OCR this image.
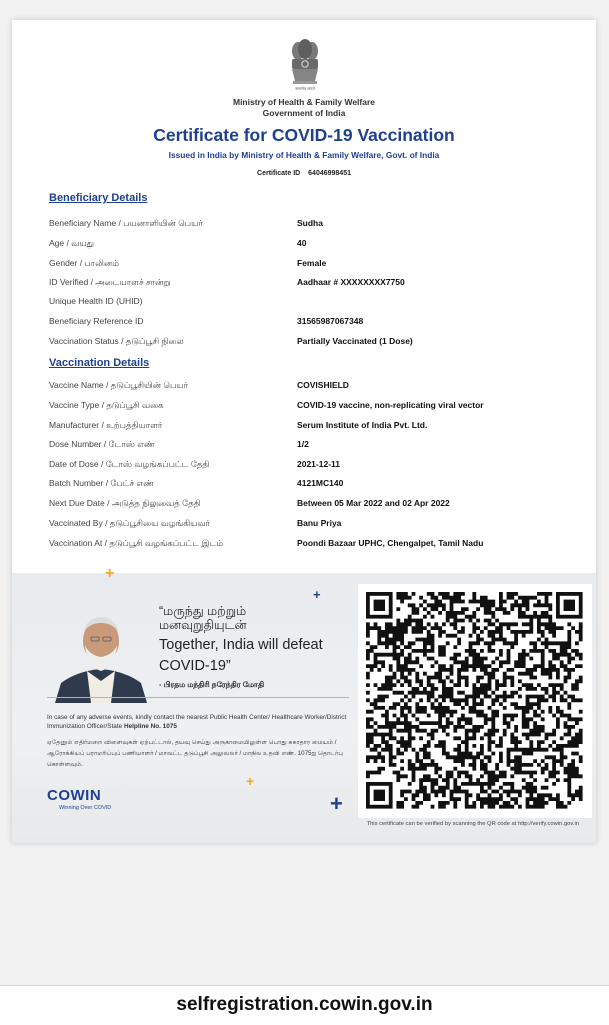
सत्यमेव जयते
Ministry of Health & Family Welfare
Government of India
Certificate for COVID-19 Vaccination
Issued in India by Ministry of Health & Family Welfare, Govt. of India
Certificate ID 64046998451
Beneficiary Details
Beneficiary Name / பயனாளியின் பெயர்	Sudha
Age / வயது	40
Gender / பாலினம்	Female
ID Verified / அடையாளச் சான்று	Aadhaar # XXXXXXXX7750
Unique Health ID (UHID)
Beneficiary Reference ID	31565987067348
Vaccination Status / தடுப்பூசி நிலை	Partially Vaccinated (1 Dose)
Vaccination Details
Vaccine Name / தடுப்பூசியின் பெயர்	COVISHIELD
Vaccine Type / தடுப்பூசி வகை	COVID-19 vaccine, non-replicating viral vector
Manufacturer / உற்பத்தியாளர்	Serum Institute of India Pvt. Ltd.
Dose Number / டோஸ் எண்	1/2
Date of Dose / டோஸ் வழங்கப்பட்ட தேதி	2021-12-11
Batch Number / பேட்ச் எண்	4121MC140
Next Due Date / அடுத்த நிலுவைத் தேதி	Between 05 Mar 2022 and 02 Apr 2022
Vaccinated By / தடுப்பூசியை வழங்கியவர்	Banu Priya
Vaccination At / தடுப்பூசி வழங்கப்பட்ட இடம்	Poondi Bazaar UPHC, Chengalpet, Tamil Nadu
+
+
+
+
“மருந்து மற்றும்
மனவுறுதியுடன்
Together, India will defeat
COVID-19”
- பிரதம மந்திரி நரேந்திர மோதி
In case of any adverse events, kindly contact the nearest Public Health Center/ Healthcare Worker/District Immunization Officer/State Helpline No. 1075
ஏதேனும் எதிர்மறை விளைவுகள் ஏற்பட்டால், தயவு செய்து அருகாமையிலுள்ள பொது சுகாதார மையம் / ஆரோக்கியப் பராமரிப்புப் பணியாளர் / மாவட்ட தடுப்பூசி அலுவலர் / மாநில உதவி எண். 1075ஐ தொடர்பு கொள்ளவும்.
COWIN
Winning Over COVID
This certificate can be verified by scanning the QR code at http://verify.cowin.gov.in
selfregistration.cowin.gov.in
